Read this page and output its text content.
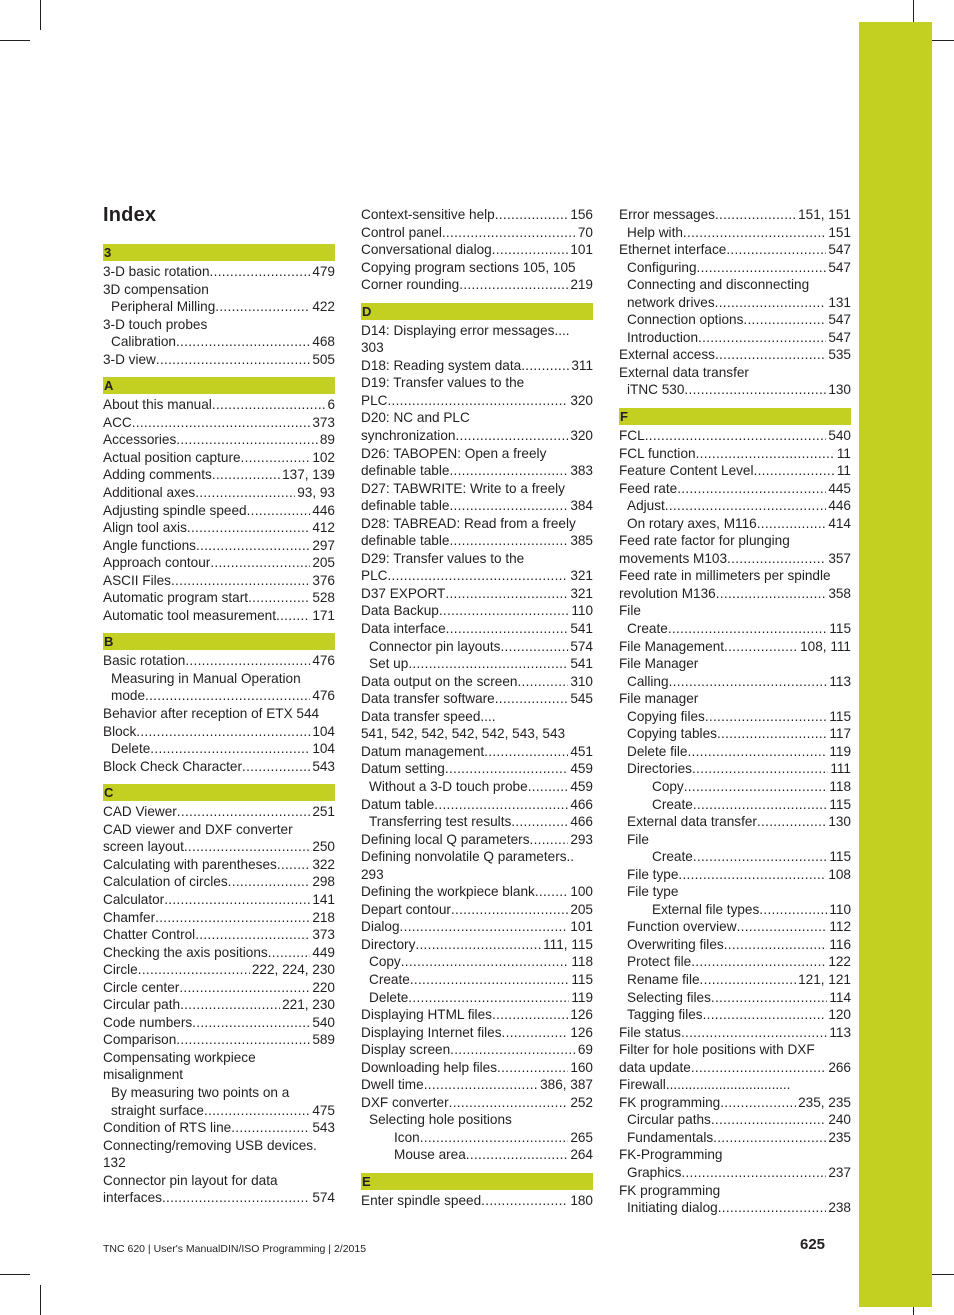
Index
3
3-D basic rotation .....	479
3D compensation
Peripheral Milling .....	422
3-D touch probes
Calibration .....	468
3-D view .....	505
A
About this manual .....	6
ACC .....	373
Accessories .....	89
Actual position capture .....	102
Adding comments .....	137, 139
Additional axes .....	93, 93
Adjusting spindle speed .....	446
Align tool axis .....	412
Angle functions .....	297
Approach contour .....	205
ASCII Files .....	376
Automatic program start .....	528
Automatic tool measurement .....	171
B
Basic rotation .....	476
Measuring in Manual Operation
mode .....	476
Behavior after reception of ETX 544
Block .....	104
Delete .....	104
Block Check Character .....	543
C
CAD Viewer .....	251
CAD viewer and DXF converter
screen layout .....	250
Calculating with parentheses .....	322
Calculation of circles .....	298
Calculator .....	141
Chamfer .....	218
Chatter Control .....	373
Checking the axis positions .....	449
Circle .....	222, 224, 230
Circle center .....	220
Circular path .....	221, 230
Code numbers .....	540
Comparison .....	589
Compensating workpiece
misalignment
By measuring two points on a
straight surface .....	475
Condition of RTS line .....	543
Connecting/removing USB devices.
132
Connector pin layout for data
interfaces .....	574
Context-sensitive help .....	156
Control panel .....	70
Conversational dialog .....	101
Copying program sections 105, 105
Corner rounding .....	219
D
D14: Displaying error messages....
303
D18: Reading system data .....	311
D19: Transfer values to the
PLC .....	320
D20: NC and PLC
synchronization .....	320
D26: TABOPEN: Open a freely
definable table .....	383
D27: TABWRITE: Write to a freely
definable table .....	384
D28: TABREAD: Read from a freely
definable table .....	385
D29: Transfer values to the
PLC .....	321
D37 EXPORT .....	321
Data Backup .....	110
Data interface .....	541
Connector pin layouts .....	574
Set up .....	541
Data output on the screen .....	310
Data transfer software .....	545
Data transfer speed....
541, 542, 542, 542, 542, 543, 543
Datum management .....	451
Datum setting .....	459
Without a 3-D touch probe .....	459
Datum table .....	466
Transferring test results .....	466
Defining local Q parameters .....	293
Defining nonvolatile Q parameters..
293
Defining the workpiece blank .....	100
Depart contour .....	205
Dialog .....	101
Directory .....	111, 115
Copy .....	118
Create .....	115
Delete .....	119
Displaying HTML files .....	126
Displaying Internet files .....	126
Display screen .....	69
Downloading help files .....	160
Dwell time .....	386, 387
DXF converter .....	252
Selecting hole positions
Icon .....	265
Mouse area .....	264
E
Enter spindle speed .....	180
Error messages .....	151, 151
Help with .....	151
Ethernet interface .....	547
Configuring .....	547
Connecting and disconnecting
network drives .....	131
Connection options .....	547
Introduction .....	547
External access .....	535
External data transfer
iTNC 530 .....	130
F
FCL .....	540
FCL function .....	11
Feature Content Level .....	11
Feed rate .....	445
Adjust .....	446
On rotary axes, M116 .....	414
Feed rate factor for plunging
movements M103 .....	357
Feed rate in millimeters per spindle
revolution M136 .....	358
File
Create .....	115
File Management .....	108, 111
File Manager
Calling .....	113
File manager
Copying files .....	115
Copying tables .....	117
Delete file .....	119
Directories .....	111
Copy .....	118
Create .....	115
External data transfer .....	130
File
Create .....	115
File type .....	108
File type
External file types .....	110
Function overview .....	112
Overwriting files .....	116
Protect file .....	122
Rename file .....	121, 121
Selecting files .....	114
Tagging files .....	120
File status .....	113
Filter for hole positions with DXF
data update .....	266
Firewall.................................
FK programming .....	235, 235
Circular paths .....	240
Fundamentals .....	235
FK-Programming
Graphics .....	237
FK programming
Initiating dialog .....	238
TNC 620 | User's ManualDIN/ISO Programming | 2/2015	625
